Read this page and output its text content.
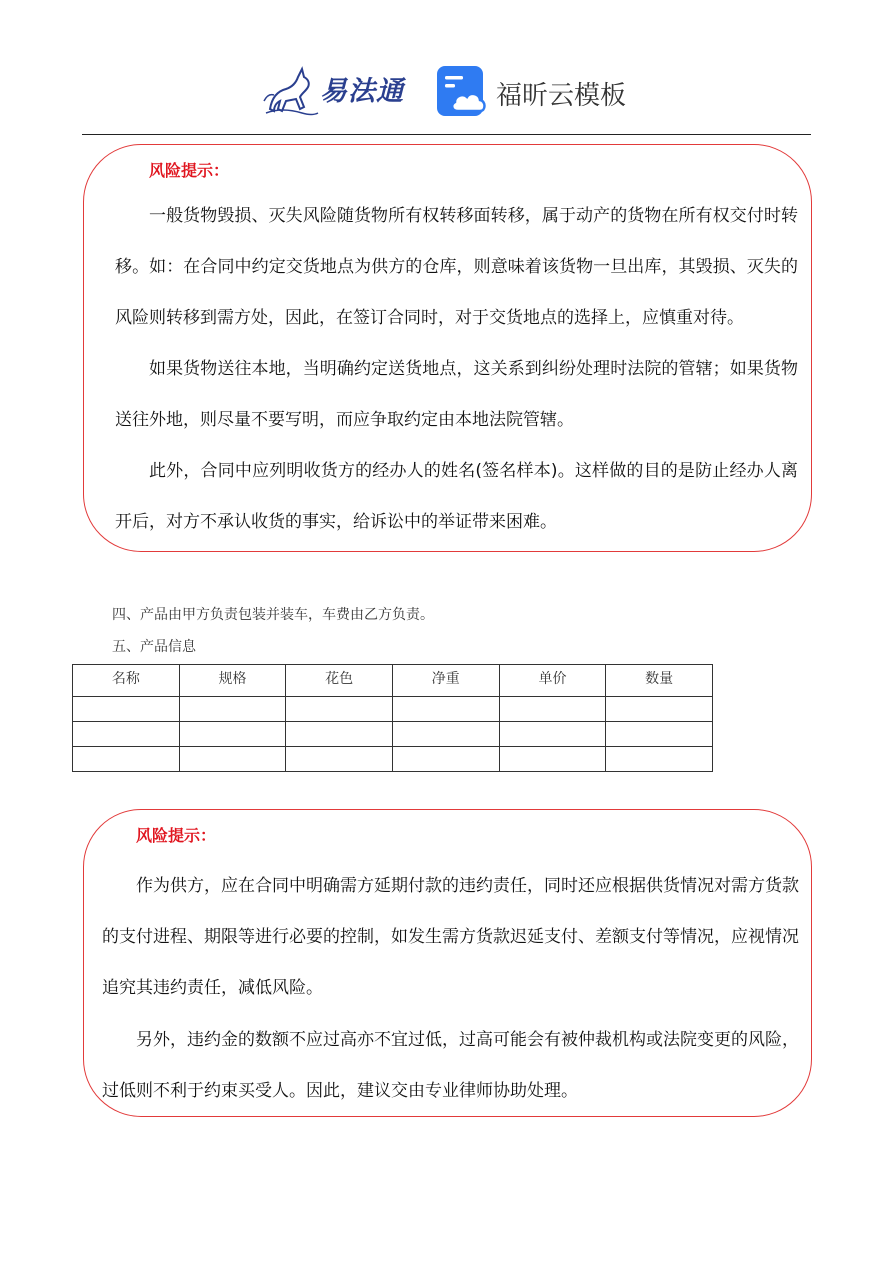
易法通	福昕云模板
风险提示：

一般货物毁损、灭失风险随货物所有权转移面转移，属于动产的货物在所有权交付时转移。如：在合同中约定交货地点为供方的仓库，则意味着该货物一旦出库，其毁损、灭失的风险则转移到需方处，因此，在签订合同时，对于交货地点的选择上，应慎重对待。

如果货物送往本地，当明确约定送货地点，这关系到纠纷处理时法院的管辖；如果货物送往外地，则尽量不要写明，而应争取约定由本地法院管辖。

此外，合同中应列明收货方的经办人的姓名(签名样本)。这样做的目的是防止经办人离开后，对方不承认收货的事实，给诉讼中的举证带来困难。

四、产品由甲方负责包装并装车，车费由乙方负责。
五、产品信息
名称	规格	花色	净重	单价	数量

风险提示：

作为供方，应在合同中明确需方延期付款的违约责任，同时还应根据供货情况对需方货款的支付进程、期限等进行必要的控制，如发生需方货款迟延支付、差额支付等情况，应视情况追究其违约责任，减低风险。

另外，违约金的数额不应过高亦不宜过低，过高可能会有被仲裁机构或法院变更的风险，过低则不利于约束买受人。因此，建议交由专业律师协助处理。
